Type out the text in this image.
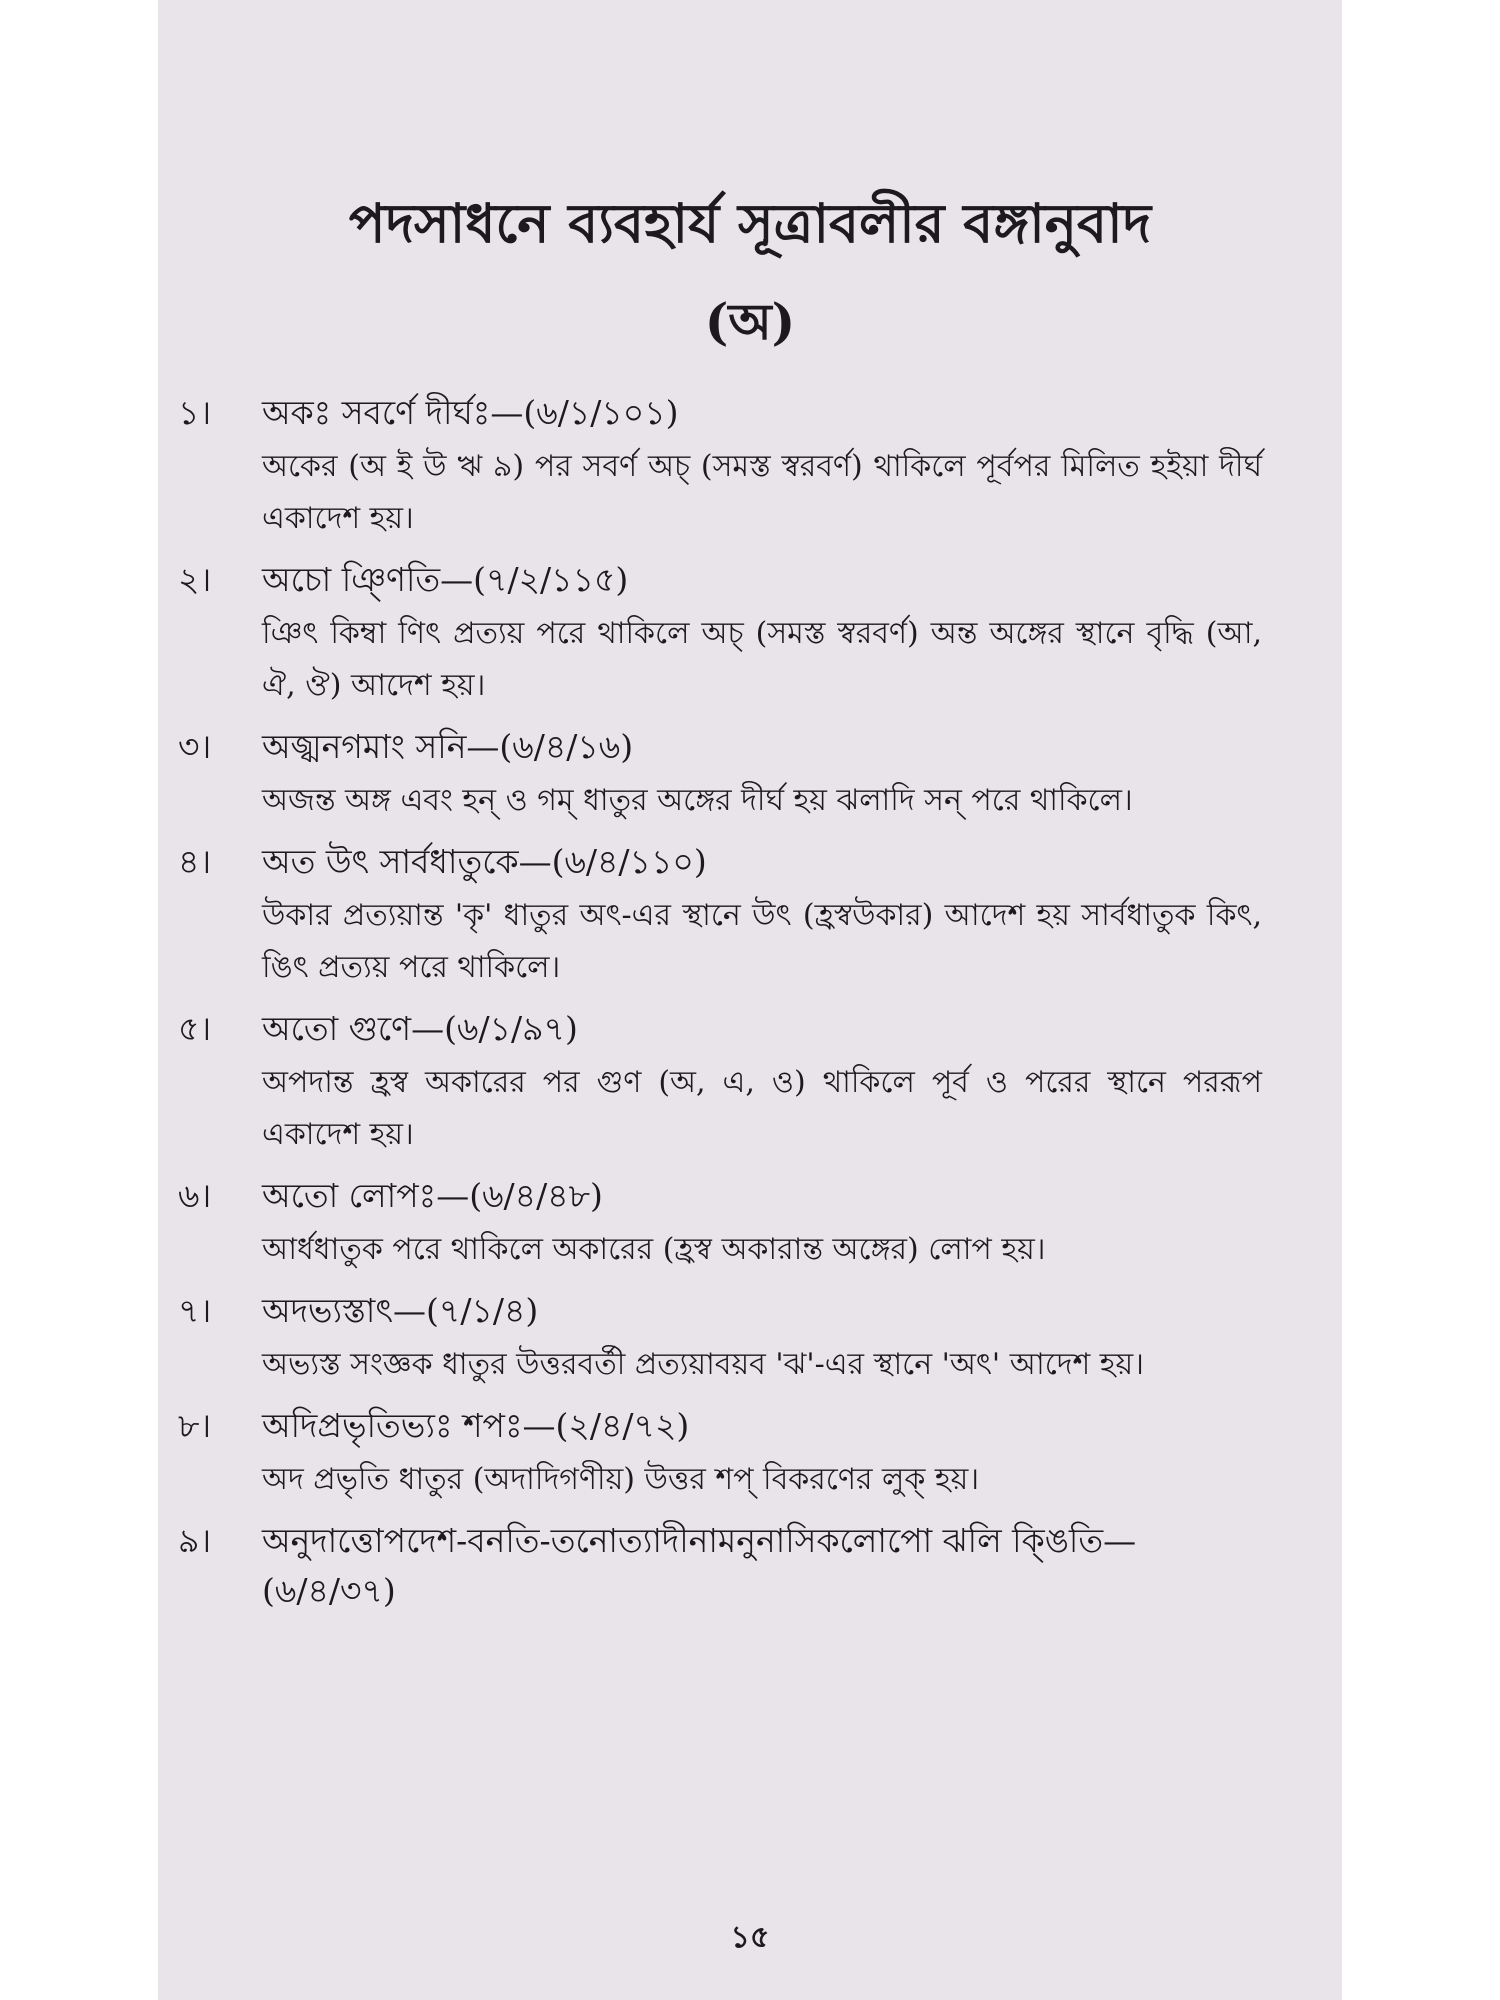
পদসাধনে ব্যবহার্য সূত্রাবলীর বঙ্গানুবাদ
(অ)
১।	অকঃ সবর্ণে দীর্ঘঃ—(৬/১/১০১)
অকের (অ ই উ ঋ ৯) পর সবর্ণ অচ্ (সমস্ত স্বরবর্ণ) থাকিলে পূর্বপর মিলিত হইয়া দীর্ঘ একাদেশ হয়।
২।	অচো ঞ্ণিতি—(৭/২/১১৫)
ঞিৎ কিম্বা ণিৎ প্রত্যয় পরে থাকিলে অচ্ (সমস্ত স্বরবর্ণ) অন্ত অঙ্গের স্থানে বৃদ্ধি (আ, ঐ, ঔ) আদেশ হয়।
৩।	অজ্ঝনগমাং সনি—(৬/৪/১৬)
অজন্ত অঙ্গ এবং হন্ ও গম্ ধাতুর অঙ্গের দীর্ঘ হয় ঝলাদি সন্ পরে থাকিলে।
৪।	অত উৎ সার্বধাতুকে—(৬/৪/১১০)
উকার প্রত্যয়ান্ত 'কৃ' ধাতুর অৎ-এর স্থানে উৎ (হ্রস্বউকার) আদেশ হয় সার্বধাতুক কিৎ, ঙিৎ প্রত্যয় পরে থাকিলে।
৫।	অতো গুণে—(৬/১/৯৭)
অপদান্ত হ্রস্ব অকারের পর গুণ (অ, এ, ও) থাকিলে পূর্ব ও পরের স্থানে পররূপ একাদেশ হয়।
৬।	অতো লোপঃ—(৬/৪/৪৮)
আর্ধধাতুক পরে থাকিলে অকারের (হ্রস্ব অকারান্ত অঙ্গের) লোপ হয়।
৭।	অদভ্যস্তাৎ—(৭/১/৪)
অভ্যস্ত সংজ্ঞক ধাতুর উত্তরবর্তী প্রত্যয়াবয়ব 'ঝ'-এর স্থানে 'অৎ' আদেশ হয়।
৮।	অদিপ্রভৃতিভ্যঃ শপঃ—(২/৪/৭২)
অদ প্রভৃতি ধাতুর (অদাদিগণীয়) উত্তর শপ্ বিকরণের লুক্ হয়।
৯।	অনুদাত্তোপদেশ-বনতি-তনোত্যাদীনামনুনাসিকলোপো ঝলি ক্ঙিতি—(৬/৪/৩৭)
১৫
